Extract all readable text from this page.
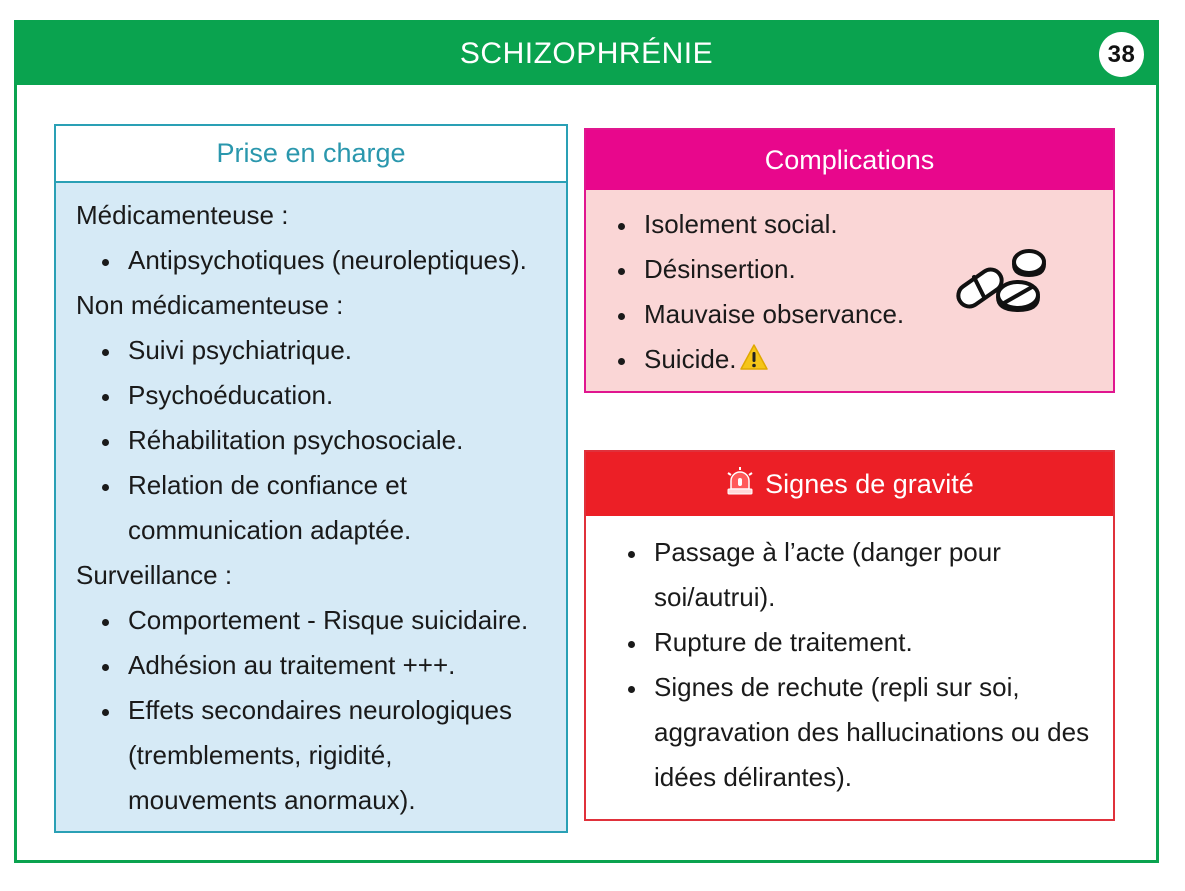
SCHIZOPHRÉNIE	38
Prise en charge

Médicamenteuse :

• Antipsychotiques (neuroleptiques).

Non médicamenteuse :

• Suivi psychiatrique.
• Psychoéducation.
• Réhabilitation psychosociale.
• Relation de confiance et communication adaptée.

Surveillance :

• Comportement - Risque suicidaire.
• Adhésion au traitement +++.
• Effets secondaires neurologiques (tremblements, rigidité, mouvements anormaux).
Complications
• Isolement social.
• Désinsertion.
• Mauvaise observance.
• Suicide.
Signes de gravité
• Passage à l’acte (danger pour soi/autrui).
• Rupture de traitement.
• Signes de rechute (repli sur soi, aggravation des hallucinations ou des idées délirantes).
